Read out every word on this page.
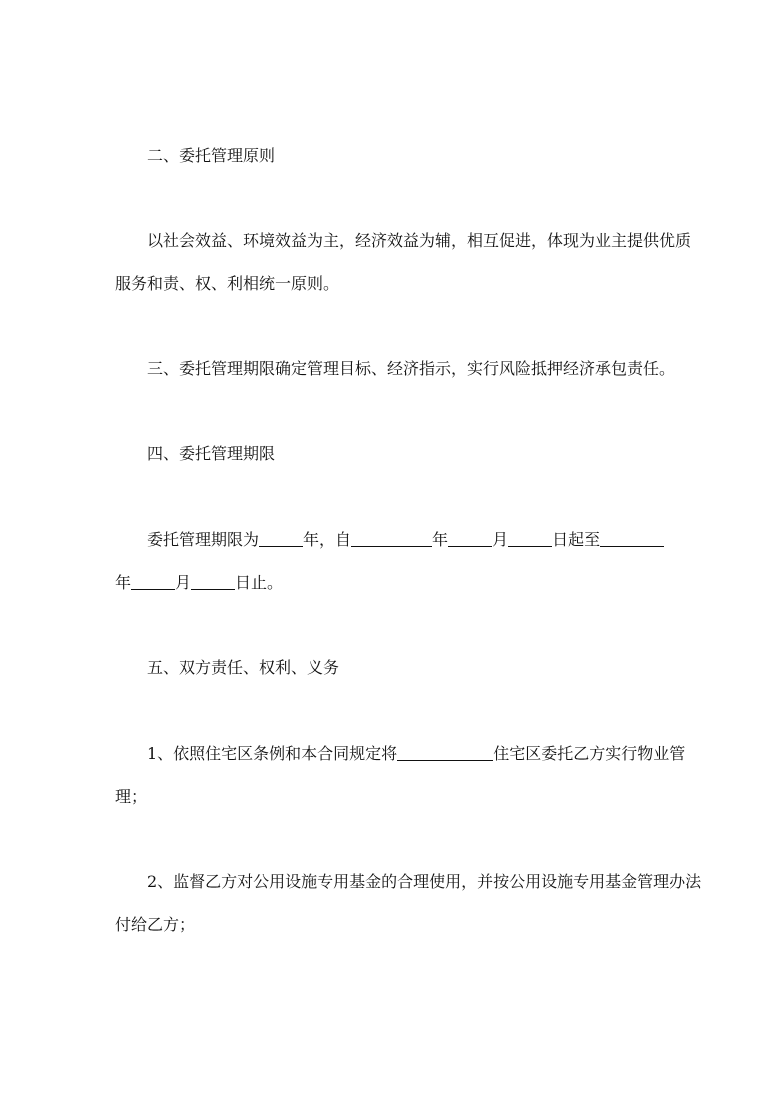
二、委托管理原则
以社会效益、环境效益为主，经济效益为辅，相互促进，体现为业主提供优质
服务和责、权、利相统一原则。
三、委托管理期限确定管理目标、经济指示，实行风险抵押经济承包责任。
四、委托管理期限
委托管理期限为	年，自	年	月	日起至
年	月	日止。
五、双方责任、权利、义务
1、依照住宅区条例和本合同规定将	住宅区委托乙方实行物业管
理；
2、监督乙方对公用设施专用基金的合理使用，并按公用设施专用基金管理办法
付给乙方；
